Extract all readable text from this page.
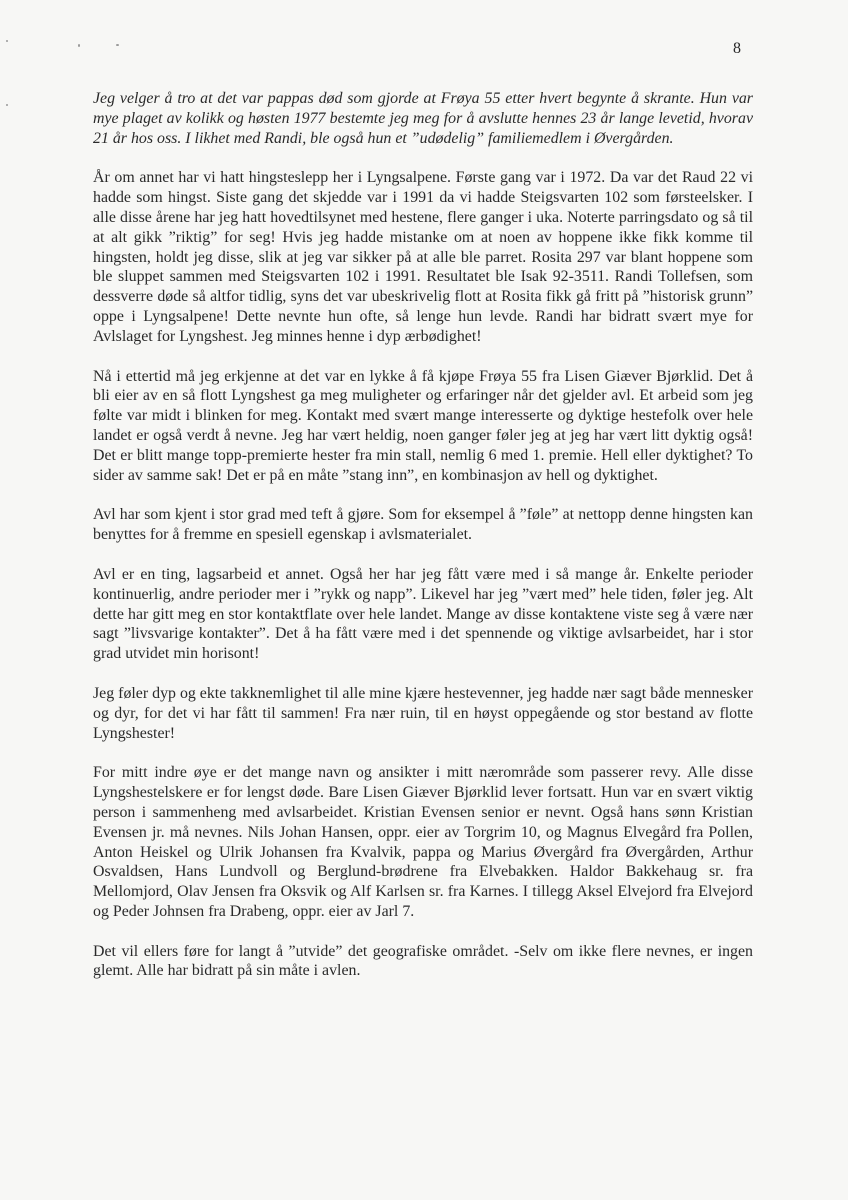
8

Jeg velger å tro at det var pappas død som gjorde at Frøya 55 etter hvert begynte å skrante. Hun var mye plaget av kolikk og høsten 1977 bestemte jeg meg for å avslutte hennes 23 år lange levetid, hvorav 21 år hos oss. I likhet med Randi, ble også hun et ”udødelig” familiemedlem i Øvergården.

År om annet har vi hatt hingsteslepp her i Lyngsalpene. Første gang var i 1972. Da var det Raud 22 vi hadde som hingst. Siste gang det skjedde var i 1991 da vi hadde Steigsvarten 102 som førsteelsker. I alle disse årene har jeg hatt hovedtilsynet med hestene, flere ganger i uka. Noterte parringsdato og så til at alt gikk ”riktig” for seg! Hvis jeg hadde mistanke om at noen av hoppene ikke fikk komme til hingsten, holdt jeg disse, slik at jeg var sikker på at alle ble parret. Rosita 297 var blant hoppene som ble sluppet sammen med Steigsvarten 102 i 1991. Resultatet ble Isak 92-3511. Randi Tollefsen, som dessverre døde så altfor tidlig, syns det var ubeskrivelig flott at Rosita fikk gå fritt på ”historisk grunn” oppe i Lyngsalpene! Dette nevnte hun ofte, så lenge hun levde. Randi har bidratt svært mye for Avlslaget for Lyngshest. Jeg minnes henne i dyp ærbødighet!

Nå i ettertid må jeg erkjenne at det var en lykke å få kjøpe Frøya 55 fra Lisen Giæver Bjørklid. Det å bli eier av en så flott Lyngshest ga meg muligheter og erfaringer når det gjelder avl. Et arbeid som jeg følte var midt i blinken for meg. Kontakt med svært mange interesserte og dyktige hestefolk over hele landet er også verdt å nevne. Jeg har vært heldig, noen ganger føler jeg at jeg har vært litt dyktig også! Det er blitt mange topp-premierte hester fra min stall, nemlig 6 med 1. premie. Hell eller dyktighet? To sider av samme sak! Det er på en måte ”stang inn”, en kombinasjon av hell og dyktighet.

Avl har som kjent i stor grad med teft å gjøre. Som for eksempel å ”føle” at nettopp denne hingsten kan benyttes for å fremme en spesiell egenskap i avlsmaterialet.

Avl er en ting, lagsarbeid et annet. Også her har jeg fått være med i så mange år. Enkelte perioder kontinuerlig, andre perioder mer i ”rykk og napp”. Likevel har jeg ”vært med” hele tiden, føler jeg. Alt dette har gitt meg en stor kontaktflate over hele landet. Mange av disse kontaktene viste seg å være nær sagt ”livsvarige kontakter”. Det å ha fått være med i det spennende og viktige avlsarbeidet, har i stor grad utvidet min horisont!

Jeg føler dyp og ekte takknemlighet til alle mine kjære hestevenner, jeg hadde nær sagt både mennesker og dyr, for det vi har fått til sammen! Fra nær ruin, til en høyst oppegående og stor bestand av flotte Lyngshester!

For mitt indre øye er det mange navn og ansikter i mitt nærområde som passerer revy. Alle disse Lyngshestelskere er for lengst døde. Bare Lisen Giæver Bjørklid lever fortsatt. Hun var en svært viktig person i sammenheng med avlsarbeidet. Kristian Evensen senior er nevnt. Også hans sønn Kristian Evensen jr. må nevnes. Nils Johan Hansen, oppr. eier av Torgrim 10, og Magnus Elvegård fra Pollen, Anton Heiskel og Ulrik Johansen fra Kvalvik, pappa og Marius Øvergård fra Øvergården, Arthur Osvaldsen, Hans Lundvoll og Berglund-brødrene fra Elvebakken. Haldor Bakkehaug sr. fra Mellomjord, Olav Jensen fra Oksvik og Alf Karlsen sr. fra Karnes. I tillegg Aksel Elvejord fra Elvejord og Peder Johnsen fra Drabeng, oppr. eier av Jarl 7.

Det vil ellers føre for langt å ”utvide” det geografiske området. -Selv om ikke flere nevnes, er ingen glemt. Alle har bidratt på sin måte i avlen.
